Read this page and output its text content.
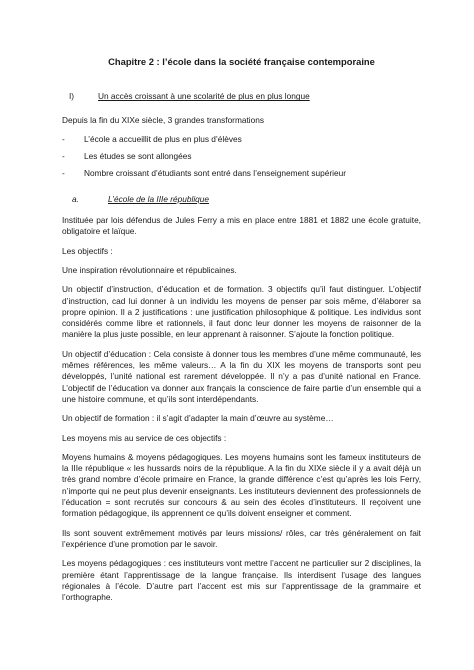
Chapitre 2 : l’école dans la société française contemporaine
I)	Un accès croissant à une scolarité de plus en plus longue

Depuis la fin du XIXe siècle, 3 grandes transformations

-	L’école a accueillit de plus en plus d’élèves
-	Les études se sont allongées
-	Nombre croissant d’étudiants sont entré dans l’enseignement supérieur
a.	L’école de la IIIe république

Instituée par lois défendus de Jules Ferry a mis en place entre 1881 et 1882 une école gratuite, obligatoire et laïque.

Les objectifs :

Une inspiration révolutionnaire et républicaines.

Un objectif d’instruction, d’éducation et de formation. 3 objectifs qu’il faut distinguer. L’objectif d’instruction, cad lui donner à un individu les moyens de penser par sois même, d’élaborer sa propre opinion. Il a 2 justifications : une justification philosophique & politique. Les individus sont considérés comme libre et rationnels, il faut donc leur donner les moyens de raisonner de la manière la plus juste possible, en leur apprenant à raisonner. S’ajoute la fonction politique.

Un objectif d’éducation : Cela consiste à donner tous les membres d’une même communauté, les mêmes références, les même valeurs… A la fin du XIX les moyens de transports sont peu développés, l’unité national est rarement développée. Il n’y a pas d’unité national en France. L’objectif de l’éducation va donner aux français la conscience de faire partie d’un ensemble qui a une histoire commune, et qu’ils sont interdépendants.

Un objectif de formation : il s’agit d’adapter la main d’œuvre au système…

Les moyens mis au service de ces objectifs :

Moyens humains & moyens pédagogiques. Les moyens humains sont les fameux instituteurs de la IIIe république « les hussards noirs de la république. A la fin du XIXe siècle il y a avait déjà un très grand nombre d’école primaire en France, la grande différence c’est qu’après les lois Ferry, n’importe qui ne peut plus devenir enseignants. Les instituteurs deviennent des professionnels de l’éducation = sont recrutés sur concours & au sein des écoles d’instituteurs. Il reçoivent une formation pédagogique, ils apprennent ce qu’ils doivent enseigner et comment.

Ils sont souvent extrêmement motivés par leurs missions/ rôles, car très généralement on fait l’expérience d’une promotion par le savoir.

Les moyens pédagogiques : ces instituteurs vont mettre l’accent ne particulier sur 2 disciplines, la première étant l’apprentissage de la langue française. Ils interdisent l’usage des langues régionales à l’école. D’autre part l’accent est mis sur l’apprentissage de la grammaire et l’orthographe.
